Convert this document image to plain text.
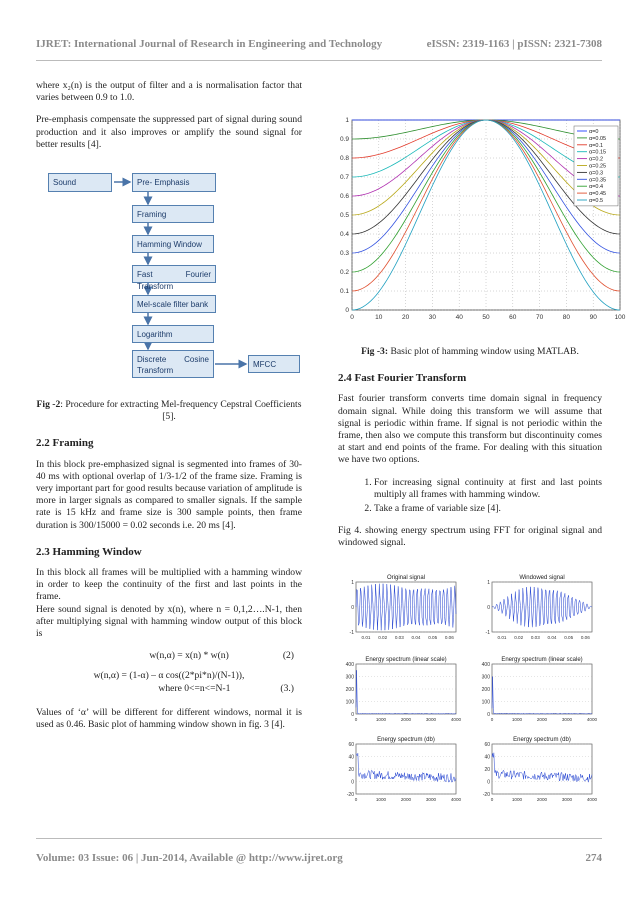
IJRET: International Journal of Research in Engineering and Technology	eISSN: 2319-1163 | pISSN: 2321-7308

where x₂(n) is the output of filter and a is normalisation factor that varies between 0.9 to 1.0.

Pre-emphasis compensate the suppressed part of signal during sound production and it also improves or amplify the sound signal for better results [4].

Sound	Pre- Emphasis
Framing
Hamming Window
Fast Fourier Transform
Mel-scale filter bank
Logarithm
Discrete Cosine Transform
MFCC

Fig -2: Procedure for extracting Mel-frequency Cepstral Coefficients [5].

2.2 Framing

In this block pre-emphasized signal is segmented into frames of 30-40 ms with optional overlap of 1/3-1/2 of the frame size. Framing is very important part for good results because variation of amplitude is more in larger signals as compared to smaller signals. If the sample rate is 15 kHz and frame size is 300 sample points, then frame duration is 300/15000 = 0.02 seconds i.e. 20 ms [4].

2.3 Hamming Window

In this block all frames will be multiplied with a hamming window in order to keep the continuity of the first and last points in the frame.

Here sound signal is denoted by x(n), where n = 0,1,2….N-1, then after multiplying signal with hamming window output of this block is

w(n,α) = x(n) * w(n)	(2)
w(n,α) = (1-α) – α cos((2*pi*n)/(N-1)),
where 0<=n<=N-1	(3.)

Values of ‘α’ will be different for different windows, normal it is used as 0.46. Basic plot of hamming window shown in fig. 3 [4].

0	10	20	30	40	50	60	70	80	90	100
0
0.1
0.2
0.3
0.4
0.5
0.6
0.7
0.8
0.9
1
α=0
α=0.05
α=0.1
α=0.15
α=0.2
α=0.25
α=0.3
α=0.35
α=0.4
α=0.45
α=0.5

Fig -3: Basic plot of hamming window using MATLAB.

2.4 Fast Fourier Transform

Fast fourier transform converts time domain signal in frequency domain signal. While doing this transform we will assume that signal is periodic within frame. If signal is not periodic within the frame, then also we compute this transform but discontinuity comes at start and end points of the frame. For dealing with this situation we have two options.

1. For increasing signal continuity at first and last points multiply all frames with hamming window.
2. Take a frame of variable size [4].

Fig 4. showing energy spectrum using FFT for original signal and windowed signal.

Original signal
-1
0
1
0.01 0.02 0.03 0.04 0.05 0.06
Windowed signal
-1
0
1
0.01 0.02 0.03 0.04 0.05 0.06
Energy spectrum (linear scale)
0
100
200
300
400
0	1000	2000	3000	4000
Energy spectrum (linear scale)
0
100
200
300
400
0	1000	2000	3000	4000
Energy spectrum (db)
-20
0
20
40
60
0	1000	2000	3000	4000
Energy spectrum (db)
-20
0
20
40
60
0	1000	2000	3000	4000
Volume: 03 Issue: 06 | Jun-2014, Available @ http://www.ijret.org	274
